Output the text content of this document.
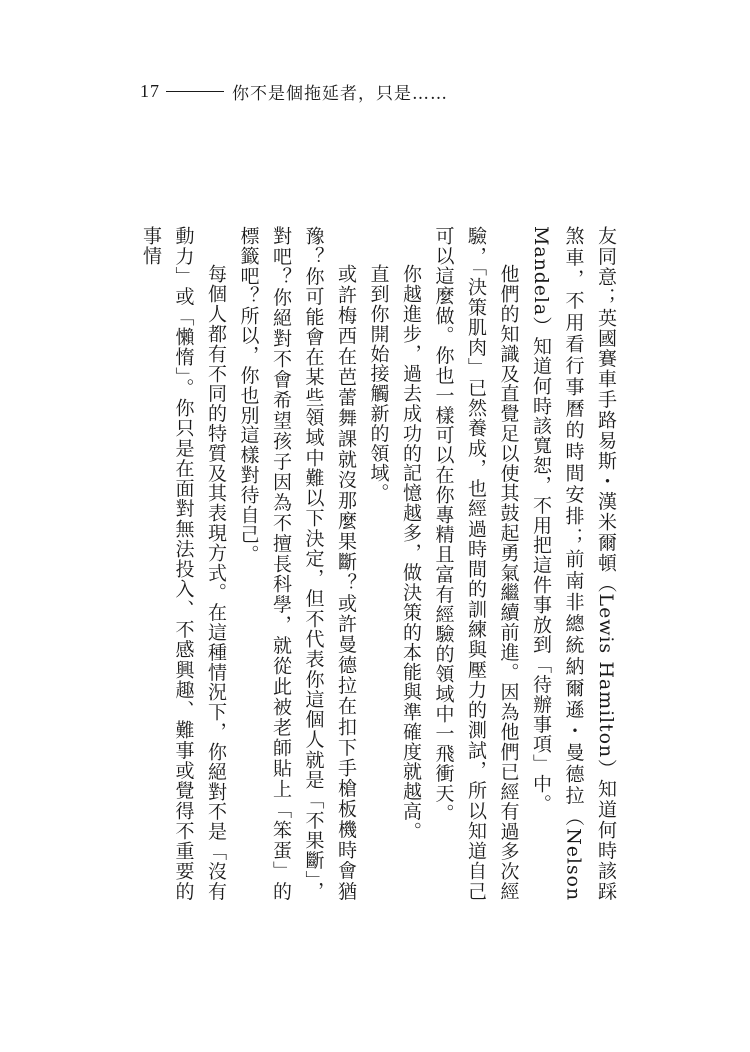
17	你不是個拖延者，只是……

友同意；英國賽車手路易斯・漢米爾頓（Lewis Hamilton）知道何時該踩煞車，不用看行事曆的時間安排；前南非總統納爾遜・曼德拉（Nelson Mandela）知道何時該寬恕，不用把這件事放到「待辦事項」中。

他們的知識及直覺足以使其鼓起勇氣繼續前進。因為他們已經有過多次經驗，「決策肌肉」已然養成，也經過時間的訓練與壓力的測試，所以知道自己可以這麼做。你也一樣可以在你專精且富有經驗的領域中一飛衝天。

你越進步，過去成功的記憶越多，做決策的本能與準確度就越高。

直到你開始接觸新的領域。

或許梅西在芭蕾舞課就沒那麼果斷？或許曼德拉在扣下手槍板機時會猶豫？你可能會在某些領域中難以下決定，但不代表你這個人就是「不果斷」，對吧？你絕對不會希望孩子因為不擅長科學，就從此被老師貼上「笨蛋」的標籤吧？所以，你也別這樣對待自己。

每個人都有不同的特質及其表現方式。在這種情況下，你絕對不是「沒有動力」或「懶惰」。你只是在面對無法投入、不感興趣、難事或覺得不重要的事情
